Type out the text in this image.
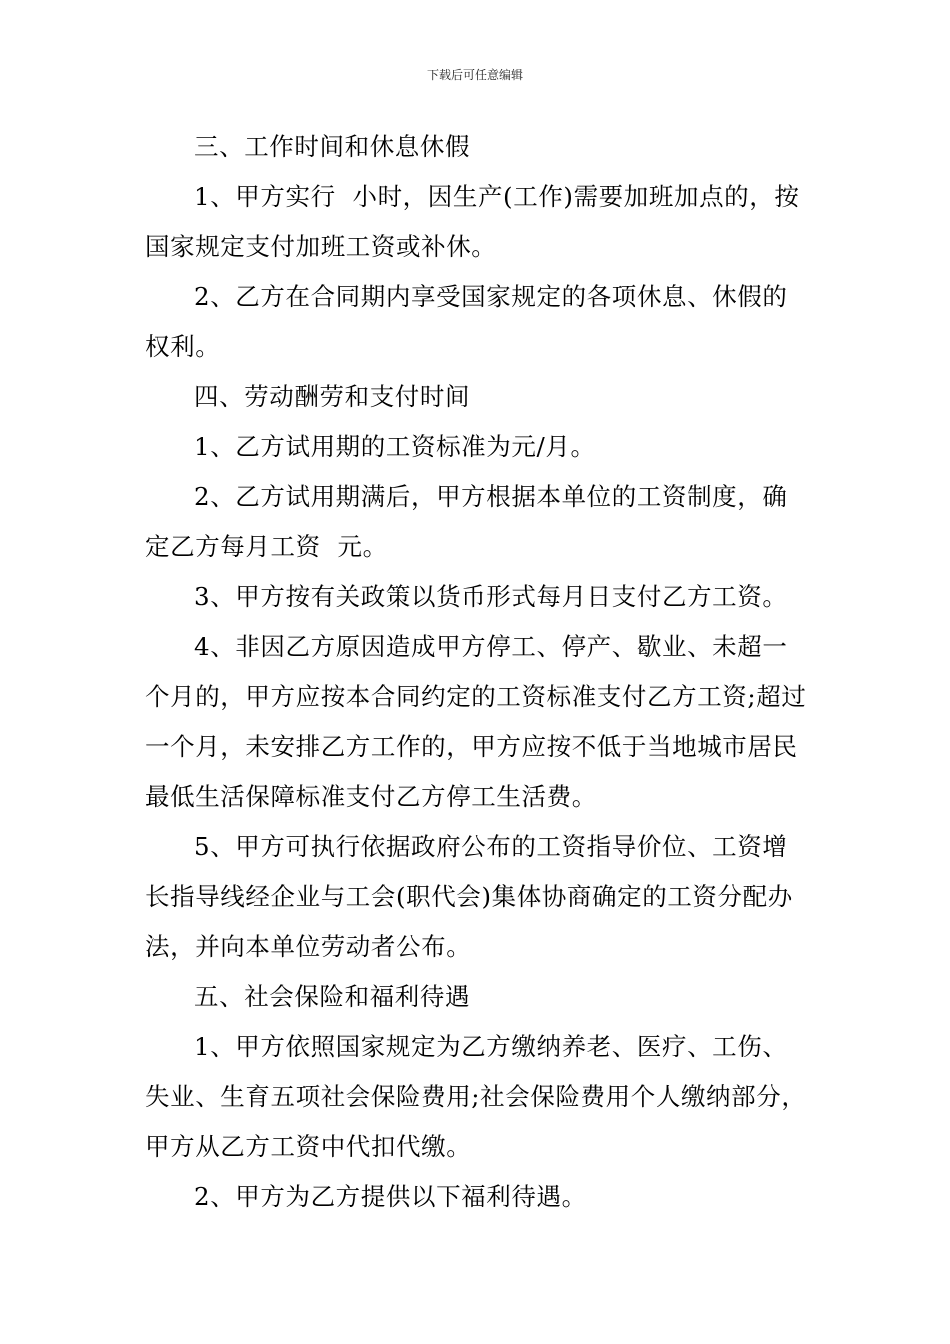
下载后可任意编辑

三、工作时间和休息休假

1、甲方实行  小时，因生产(工作)需要加班加点的，按国家规定支付加班工资或补休。

2、乙方在合同期内享受国家规定的各项休息、休假的权利。

四、劳动酬劳和支付时间

1、乙方试用期的工资标准为元/月。

2、乙方试用期满后，甲方根据本单位的工资制度，确定乙方每月工资  元。

3、甲方按有关政策以货币形式每月日支付乙方工资。

4、非因乙方原因造成甲方停工、停产、歇业、未超一个月的，甲方应按本合同约定的工资标准支付乙方工资;超过一个月，未安排乙方工作的，甲方应按不低于当地城市居民最低生活保障标准支付乙方停工生活费。

5、甲方可执行依据政府公布的工资指导价位、工资增长指导线经企业与工会(职代会)集体协商确定的工资分配办法，并向本单位劳动者公布。

五、社会保险和福利待遇

1、甲方依照国家规定为乙方缴纳养老、医疗、工伤、失业、生育五项社会保险费用;社会保险费用个人缴纳部分，甲方从乙方工资中代扣代缴。

2、甲方为乙方提供以下福利待遇。
